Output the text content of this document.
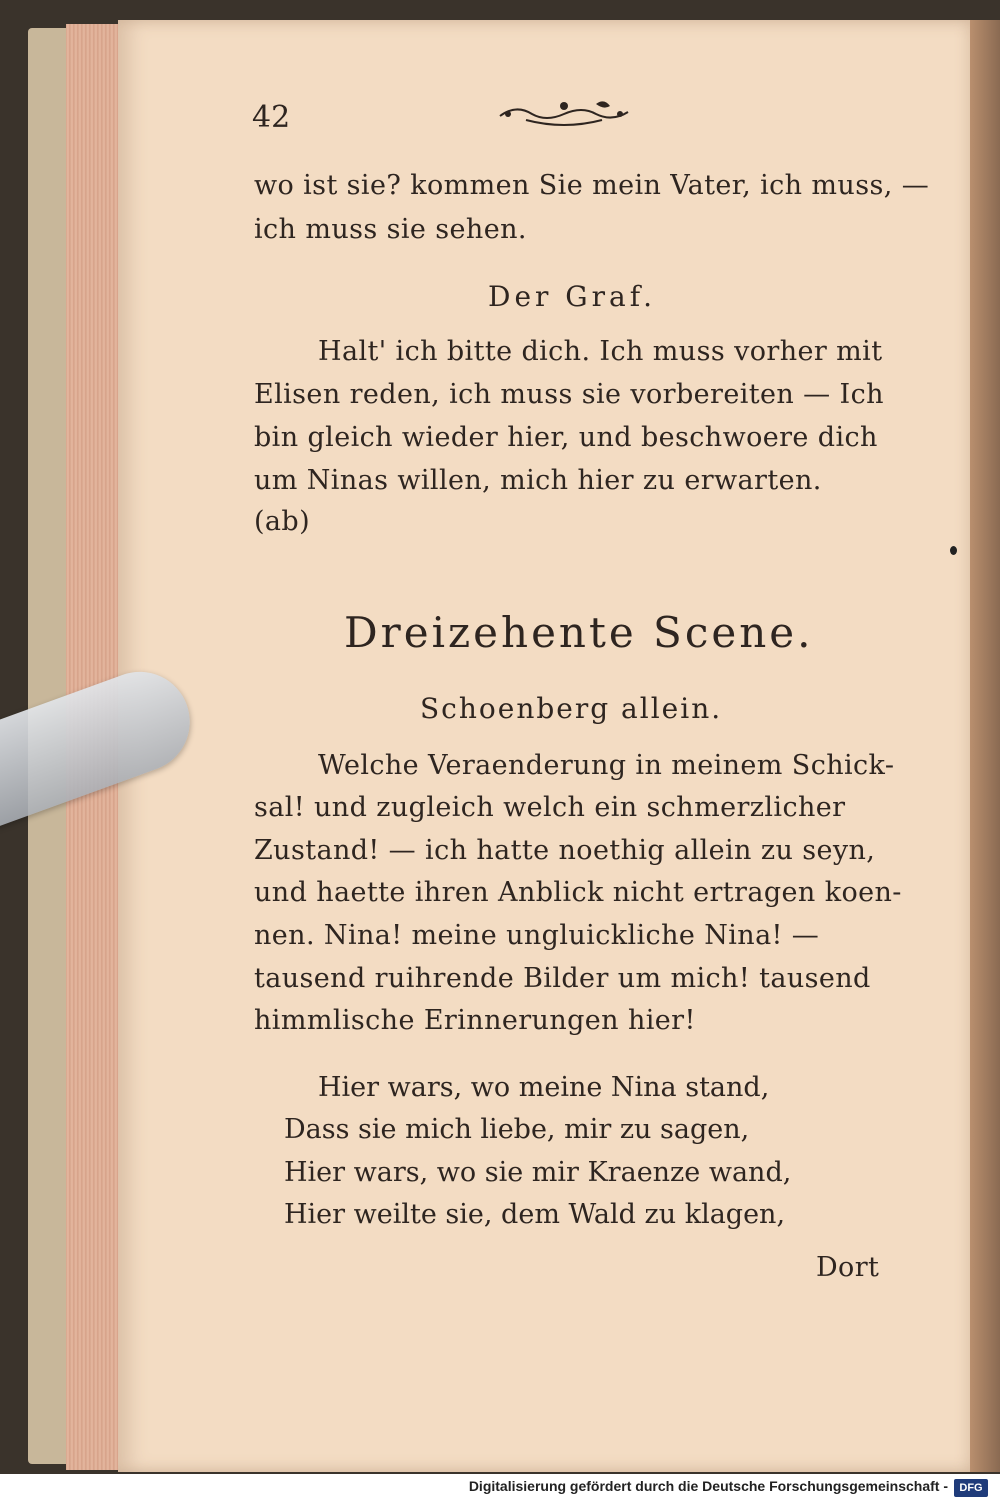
42

wo ist sie? kommen Sie mein Vater, ich muss, —

ich muss sie sehen.

Der Graf.

Halt' ich bitte dich. Ich muss vorher mit

Elisen reden, ich muss sie vorbereiten — Ich

bin gleich wieder hier, und beschwoere dich

um Ninas willen, mich hier zu erwarten.

(ab)

Dreizehente Scene.

Schoenberg allein.

Welche Veraenderung in meinem Schick-

sal! und zugleich welch ein schmerzlicher

Zustand! — ich hatte noethig allein zu seyn,

und haette ihren Anblick nicht ertragen koen-

nen. Nina! meine ungluickliche Nina! —

tausend ruihrende Bilder um mich! tausend

himmlische Erinnerungen hier!

Hier wars, wo meine Nina stand,

Dass sie mich liebe, mir zu sagen,

Hier wars, wo sie mir Kraenze wand,

Hier weilte sie, dem Wald zu klagen,

Dort

Digitalisierung gefördert durch die Deutsche Forschungsgemeinschaft -	DFG
